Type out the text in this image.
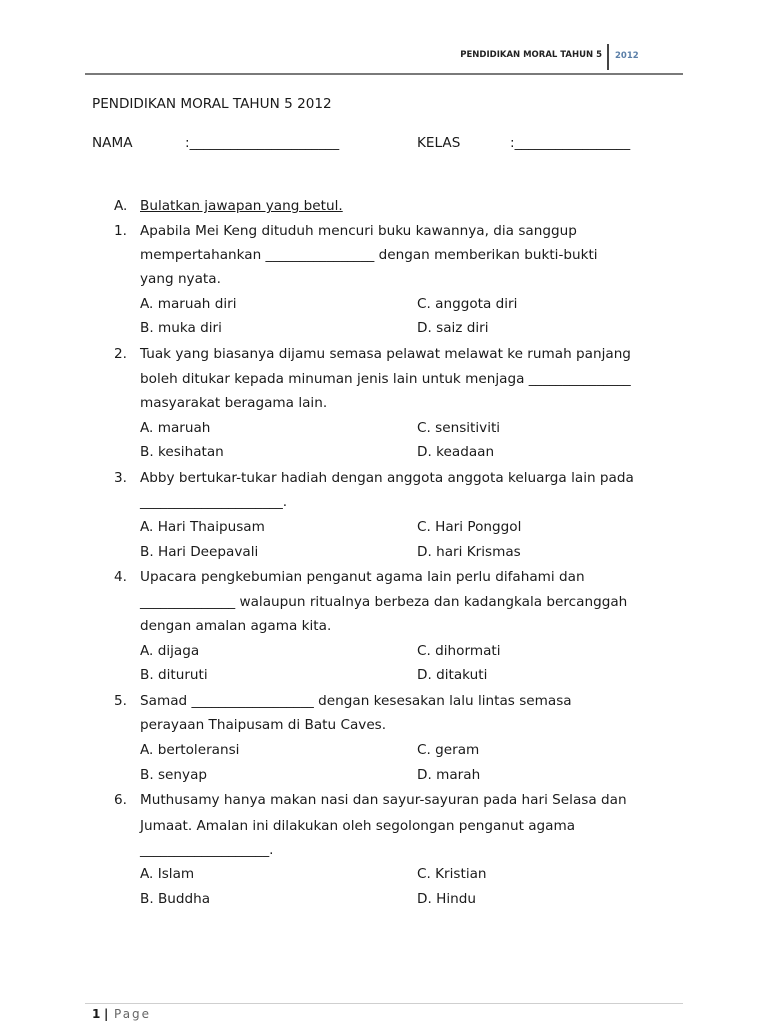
PENDIDIKAN MORAL TAHUN 5 2012
PENDIDIKAN MORAL TAHUN 5 2012
NAMA	:______________________	KELAS	:_________________
A. Bulatkan jawapan yang betul.
1. Apabila Mei Keng dituduh mencuri buku kawannya, dia sanggup
mempertahankan ________________ dengan memberikan bukti-bukti
yang nyata.
A. maruah diri	C. anggota diri
B. muka diri	D. saiz diri
2. Tuak yang biasanya dijamu semasa pelawat melawat ke rumah panjang
boleh ditukar kepada minuman jenis lain untuk menjaga _______________
masyarakat beragama lain.
A. maruah	C. sensitiviti
B. kesihatan	D. keadaan
3. Abby bertukar-tukar hadiah dengan anggota anggota keluarga lain pada
_____________________.
A. Hari Thaipusam	C. Hari Ponggol
B. Hari Deepavali	D. hari Krismas
4. Upacara pengkebumian penganut agama lain perlu difahami dan
______________ walaupun ritualnya berbeza dan kadangkala bercanggah
dengan amalan agama kita.
A. dijaga	C. dihormati
B. dituruti	D. ditakuti
5. Samad __________________ dengan kesesakan lalu lintas semasa
perayaan Thaipusam di Batu Caves.
A. bertoleransi	C. geram
B. senyap	D. marah
6. Muthusamy hanya makan nasi dan sayur-sayuran pada hari Selasa dan
Jumaat. Amalan ini dilakukan oleh segolongan penganut agama
___________________.
A. Islam	C. Kristian
B. Buddha	D. Hindu
1 | Page
